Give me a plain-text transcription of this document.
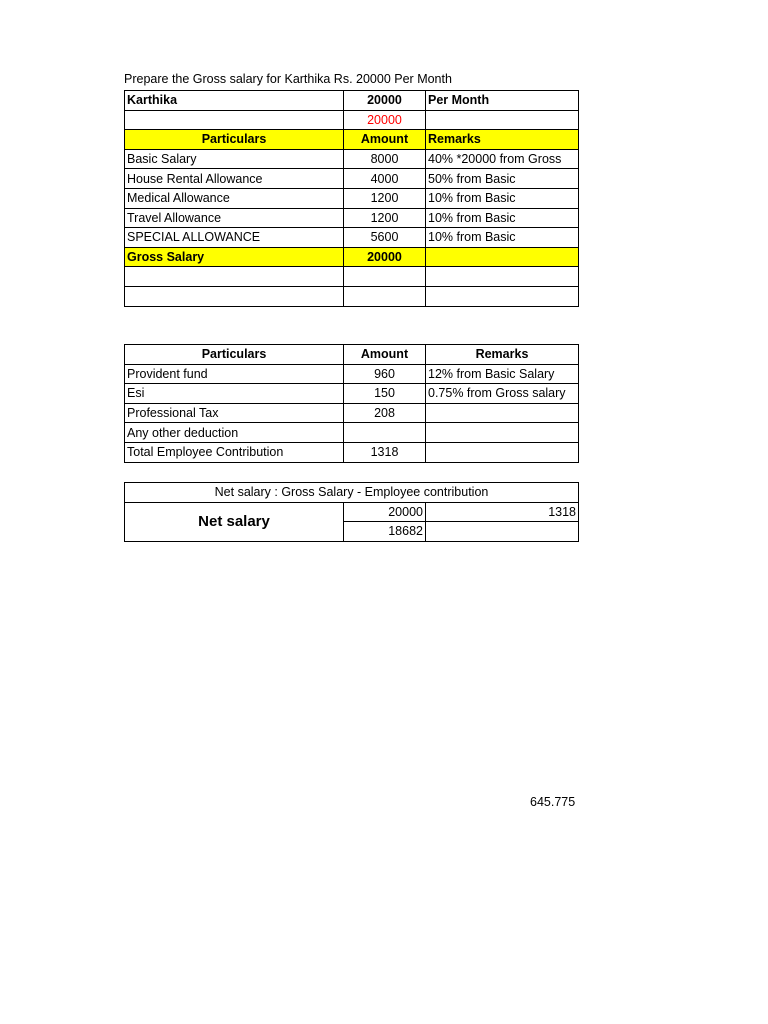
Prepare the Gross salary for Karthika Rs. 20000 Per Month
Karthika	20000	Per Month
	20000	
Particulars	Amount	Remarks
Basic Salary	8000	40% *20000 from Gross
House Rental Allowance	4000	50% from Basic
Medical Allowance	1200	10% from Basic
Travel Allowance	1200	10% from Basic
SPECIAL ALLOWANCE	5600	10% from Basic
Gross Salary	20000	

Particulars	Amount	Remarks
Provident fund	960	12% from Basic Salary
Esi	150	0.75% from Gross salary
Professional Tax	208	
Any other deduction		
Total Employee Contribution	1318	
Net salary : Gross Salary - Employee contribution		
Net salary	20000	1318
	18682	
645.775
